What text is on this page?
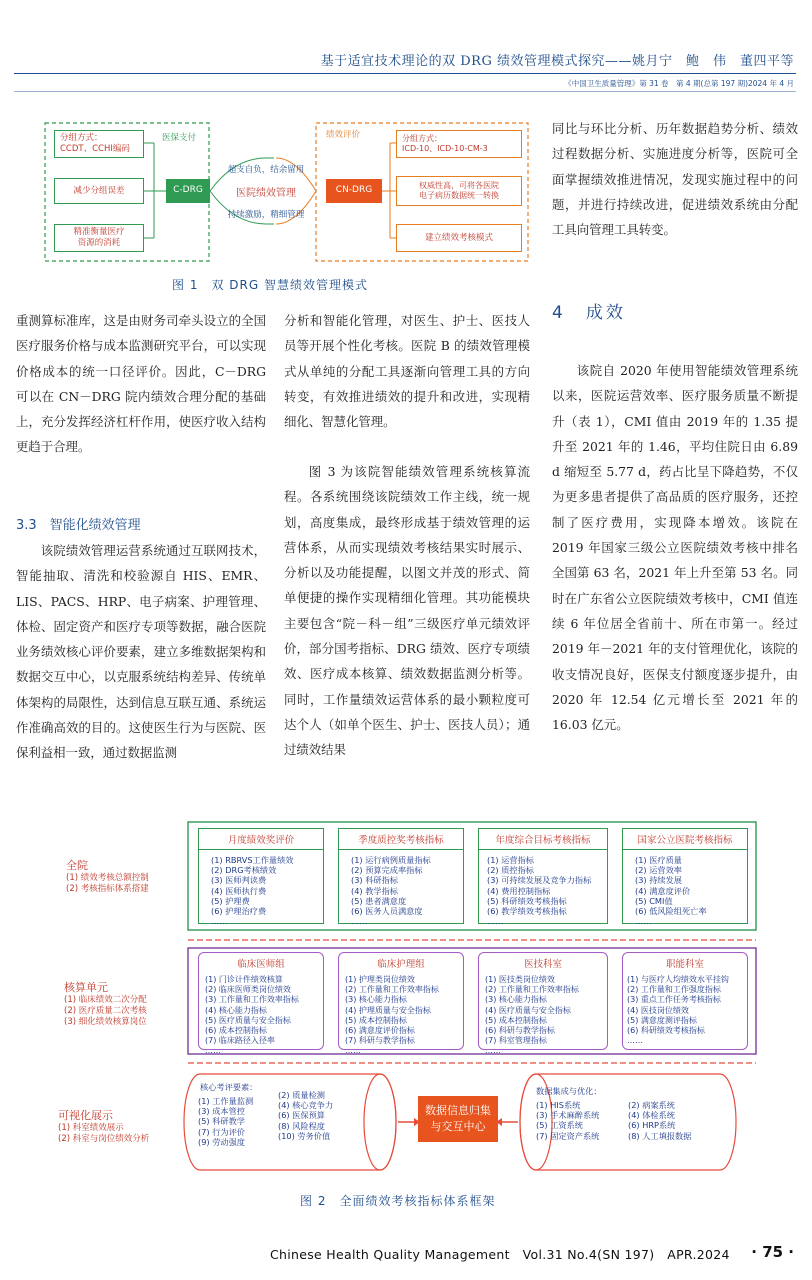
基于适宜技术理论的双 DRG 绩效管理模式探究——姚月宁　鲍　伟　董四平等
《中国卫生质量管理》第 31 卷　第 4 期(总第 197 期)2024 年 4 月
医保支付	绩效评价
分组方式：
CCDT、CCHI编码
减少分组误差
精准衡量医疗
资源的消耗
C-DRG	CN-DRG
超支自负，结余留用
医院绩效管理
持续激励，精细管理
分组方式：
ICD-10、ICD-10-CM-3
权威性高，可将各医院
电子病历数据统一转换
建立绩效考核模式
图 1　双 DRG 智慧绩效管理模式

重测算标准库，这是由财务司牵头设立的全国医疗服务价格与成本监测研究平台，可以实现价格成本的统一口径评价。因此，C－DRG 可以在 CN－DRG 院内绩效合理分配的基础上，充分发挥经济杠杆作用，使医疗收入结构更趋于合理。

3.3　智能化绩效管理

该院绩效管理运营系统通过互联网技术，智能抽取、清洗和校验源自 HIS、EMR、LIS、PACS、HRP、电子病案、护理管理、体检、固定资产和医疗专项等数据，融合医院业务绩效核心评价要素，建立多维数据架构和数据交互中心，以克服系统结构差异、传统单体架构的局限性，达到信息互联互通、系统运作准确高效的目的。这使医生行为与医院、医保利益相一致，通过数据监测

分析和智能化管理，对医生、护士、医技人员等开展个性化考核。医院 B 的绩效管理模式从单纯的分配工具逐渐向管理工具的方向转变，有效推进绩效的提升和改进，实现精细化、智慧化管理。

图 3 为该院智能绩效管理系统核算流程。各系统围绕该院绩效工作主线，统一规划，高度集成，最终形成基于绩效管理的运营体系，从而实现绩效考核结果实时展示、分析以及功能提醒，以图文并茂的形式、简单便捷的操作实现精细化管理。其功能模块主要包含“院－科－组”三级医疗单元绩效评价，部分国考指标、DRG 绩效、医疗专项绩效、医疗成本核算、绩效数据监测分析等。同时，工作量绩效运营体系的最小颗粒度可达个人（如单个医生、护士、医技人员）；通过绩效结果

同比与环比分析、历年数据趋势分析、绩效过程数据分析、实施进度分析等，医院可全面掌握绩效推进情况，发现实施过程中的问题，并进行持续改进，促进绩效系统由分配工具向管理工具转变。

4　成效

该院自 2020 年使用智能绩效管理系统以来，医院运营效率、医疗服务质量不断提升（表 1），CMI 值由 2019 年的 1.35 提升至 2021 年的 1.46，平均住院日由 6.89 d 缩短至 5.77 d，药占比呈下降趋势，不仅为更多患者提供了高品质的医疗服务，还控制了医疗费用，实现降本增效。该院在 2019 年国家三级公立医院绩效考核中排名全国第 63 名，2021 年上升至第 53 名。同时在广东省公立医院绩效考核中，CMI 值连续 6 年位居全省前十、所在市第一。经过 2019 年－2021 年的支付管理优化，该院的收支情况良好，医保支付额度逐步提升，由 2020 年 12.54 亿元增长至 2021 年的 16.03 亿元。

全院
(1) 绩效考核总额控制
(2) 考核指标体系搭建
核算单元
(1) 临床绩效二次分配
(2) 医疗质量二次考核
(3) 细化绩效核算岗位
可视化展示
(1) 科室绩效展示
(2) 科室与岗位绩效分析
月度绩效奖评价
(1) RBRVS工作量绩效
(2) DRG考核绩效
(3) 医师判读费
(4) 医师执行费
(5) 护理费
(6) 护理治疗费
……
季度质控奖考核指标
(1) 运行病例质量指标
(2) 预算完成率指标
(3) 科研指标
(4) 教学指标
(5) 患者满意度
(6) 医务人员满意度
……
年度综合目标考核指标
(1) 运营指标
(2) 质控指标
(3) 可持续发展及竞争力指标
(4) 费用控制指标
(5) 科研绩效考核指标
(6) 教学绩效考核指标
……
国家公立医院考核指标
(1) 医疗质量
(2) 运营效率
(3) 持续发展
(4) 满意度评价
(5) CMI值
(6) 低风险组死亡率
……
临床医师组
(1) 门诊计件绩效核算
(2) 临床医师类岗位绩效
(3) 工作量和工作效率指标
(4) 核心能力指标
(5) 医疗质量与安全指标
(6) 成本控制指标
(7) 临床路径入径率
……
临床护理组
(1) 护理类岗位绩效
(2) 工作量和工作效率指标
(3) 核心能力指标
(4) 护理质量与安全指标
(5) 成本控制指标
(6) 满意度评价指标
(7) 科研与教学指标
……
医技科室
(1) 医技类岗位绩效
(2) 工作量和工作效率指标
(3) 核心能力指标
(4) 医疗质量与安全指标
(5) 成本控制指标
(6) 科研与教学指标
(7) 科室管理指标
……
职能科室
(1) 与医疗人均绩效水平挂钩
(2) 工作量和工作强度指标
(3) 重点工作任务考核指标
(4) 医技岗位绩效
(5) 满意度测评指标
(6) 科研绩效考核指标
……
核心考评要素：
(1) 工作量监测
(3) 成本管控
(5) 科研教学
(7) 行为评价
(9) 劳动强度
(2) 质量检测
(4) 核心竞争力
(6) 医保预算
(8) 风险程度
(10) 劳务价值
数据信息归集
与交互中心
数据集成与优化：
(1) HIS系统
(3) 手术麻醉系统
(5) 工资系统
(7) 固定资产系统
(2) 病案系统
(4) 体检系统
(6) HRP系统
(8) 人工填报数据
图 2　全面绩效考核指标体系框架
Chinese Health Quality Management　Vol.31 No.4(SN 197)　APR.2024 · 75 ·
